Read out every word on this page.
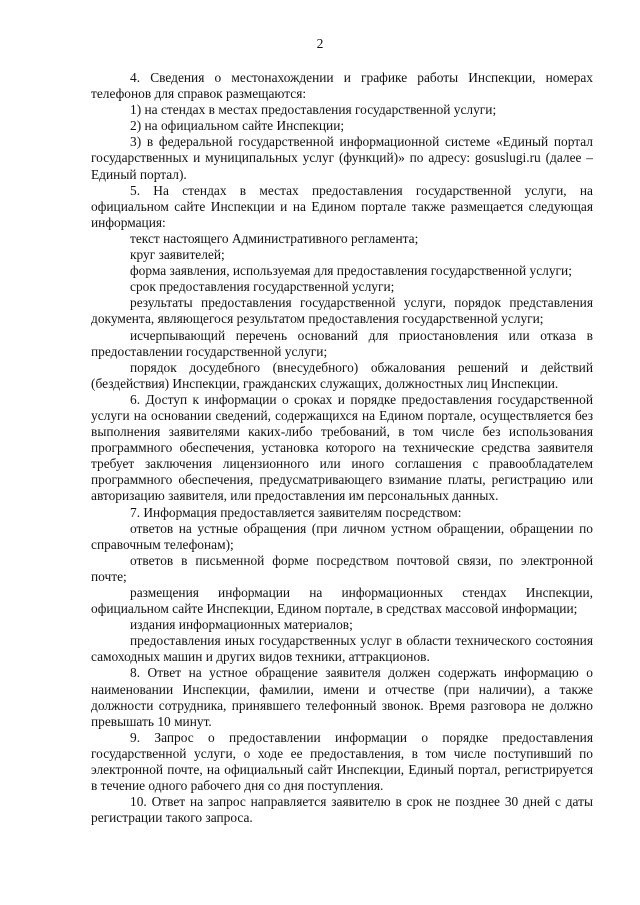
2

4. Сведения о местонахождении и графике работы Инспекции, номерах телефонов для справок размещаются:

1) на стендах в местах предоставления государственной услуги;

2) на официальном сайте Инспекции;

3) в федеральной государственной информационной системе «Единый портал государственных и муниципальных услуг (функций)» по адресу: gosuslugi.ru (далее – Единый портал).

5. На стендах в местах предоставления государственной услуги, на официальном сайте Инспекции и на Едином портале также размещается следующая информация:

текст настоящего Административного регламента;

круг заявителей;

форма заявления, используемая для предоставления государственной услуги;

срок предоставления государственной услуги;

результаты предоставления государственной услуги, порядок представления документа, являющегося результатом предоставления государственной услуги;

исчерпывающий перечень оснований для приостановления или отказа в предоставлении государственной услуги;

порядок досудебного (внесудебного) обжалования решений и действий (бездействия) Инспекции, гражданских служащих, должностных лиц Инспекции.

6. Доступ к информации о сроках и порядке предоставления государственной услуги на основании сведений, содержащихся на Едином портале, осуществляется без выполнения заявителями каких-либо требований, в том числе без использования программного обеспечения, установка которого на технические средства заявителя требует заключения лицензионного или иного соглашения с правообладателем программного обеспечения, предусматривающего взимание платы, регистрацию или авторизацию заявителя, или предоставления им персональных данных.

7. Информация предоставляется заявителям посредством:

ответов на устные обращения (при личном устном обращении, обращении по справочным телефонам);

ответов в письменной форме посредством почтовой связи, по электронной почте;

размещения информации на информационных стендах Инспекции, официальном сайте Инспекции, Едином портале, в средствах массовой информации;

издания информационных материалов;

предоставления иных государственных услуг в области технического состояния самоходных машин и других видов техники, аттракционов.

8. Ответ на устное обращение заявителя должен содержать информацию о наименовании Инспекции, фамилии, имени и отчестве (при наличии), а также должности сотрудника, принявшего телефонный звонок. Время разговора не должно превышать 10 минут.

9. Запрос о предоставлении информации о порядке предоставления государственной услуги, о ходе ее предоставления, в том числе поступивший по электронной почте, на официальный сайт Инспекции, Единый портал, регистрируется в течение одного рабочего дня со дня поступления.

10. Ответ на запрос направляется заявителю в срок не позднее 30 дней с даты регистрации такого запроса.
